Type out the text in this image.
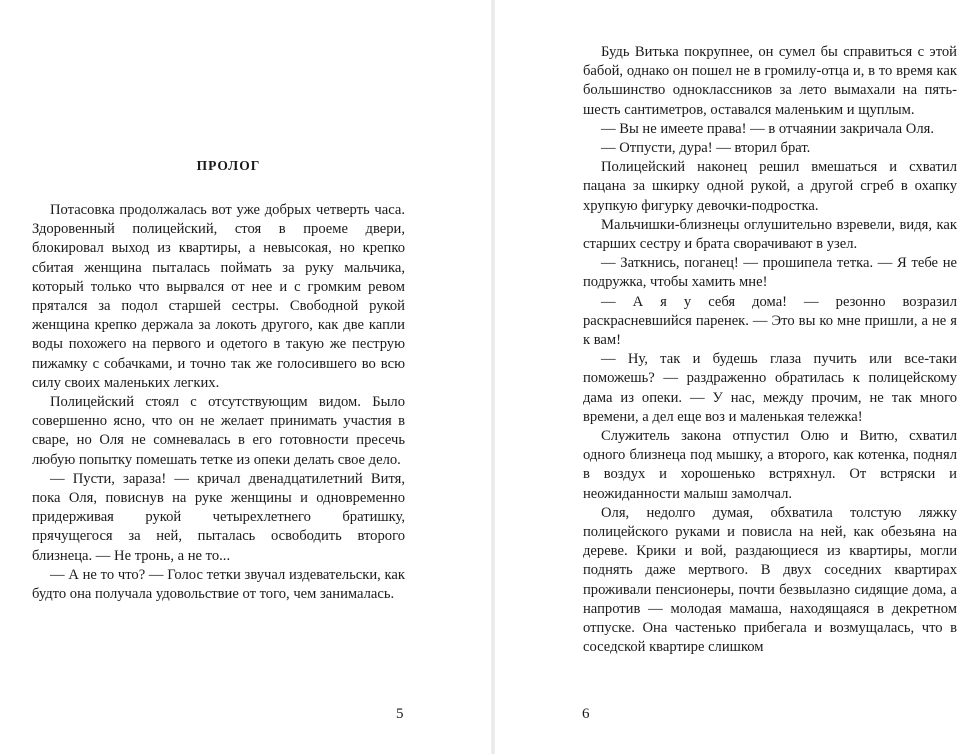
ПРОЛОГ

Потасовка продолжалась вот уже добрых четверть часа. Здоровенный полицейский, стоя в проеме двери, блокировал выход из квартиры, а невысокая, но крепко сбитая женщина пыталась поймать за руку мальчика, который только что вырвался от нее и с громким ревом прятался за подол старшей сестры. Свободной рукой женщина крепко держала за локоть другого, как две капли воды похожего на первого и одетого в такую же пеструю пижамку с собачками, и точно так же голосившего во всю силу своих маленьких легких.

Полицейский стоял с отсутствующим видом. Было совершенно ясно, что он не желает принимать участия в сваре, но Оля не сомневалась в его готовности пресечь любую попытку помешать тетке из опеки делать свое дело.

— Пусти, зараза! — кричал двенадцатилетний Витя, пока Оля, повиснув на руке женщины и одновременно придерживая рукой четырехлетнего братишку, прячущегося за ней, пыталась освободить второго близнеца. — Не тронь, а не то...

— А не то что? — Голос тетки звучал издевательски, как будто она получала удовольствие от того, чем занималась.

5

Будь Витька покрупнее, он сумел бы справиться с этой бабой, однако он пошел не в громилу-отца и, в то время как большинство одноклассников за лето вымахали на пять-шесть сантиметров, оставался маленьким и щуплым.

— Вы не имеете права! — в отчаянии закричала Оля.

— Отпусти, дура! — вторил брат.

Полицейский наконец решил вмешаться и схватил пацана за шкирку одной рукой, а другой сгреб в охапку хрупкую фигурку девочки-подростка.

Мальчишки-близнецы оглушительно взревели, видя, как старших сестру и брата сворачивают в узел.

— Заткнись, поганец! — прошипела тетка. — Я тебе не подружка, чтобы хамить мне!

— А я у себя дома! — резонно возразил раскрасневшийся паренек. — Это вы ко мне пришли, а не я к вам!

— Ну, так и будешь глаза пучить или все-таки поможешь? — раздраженно обратилась к полицейскому дама из опеки. — У нас, между прочим, не так много времени, а дел еще воз и маленькая тележка!

Служитель закона отпустил Олю и Витю, схватил одного близнеца под мышку, а второго, как котенка, поднял в воздух и хорошенько встряхнул. От встряски и неожиданности малыш замолчал.

Оля, недолго думая, обхватила толстую ляжку полицейского руками и повисла на ней, как обезьяна на дереве. Крики и вой, раздающиеся из квартиры, могли поднять даже мертвого. В двух соседних квартирах проживали пенсионеры, почти безвылазно сидящие дома, а напротив — молодая мамаша, находящаяся в декретном отпуске. Она частенько прибегала и возмущалась, что в соседской квартире слишком

6
